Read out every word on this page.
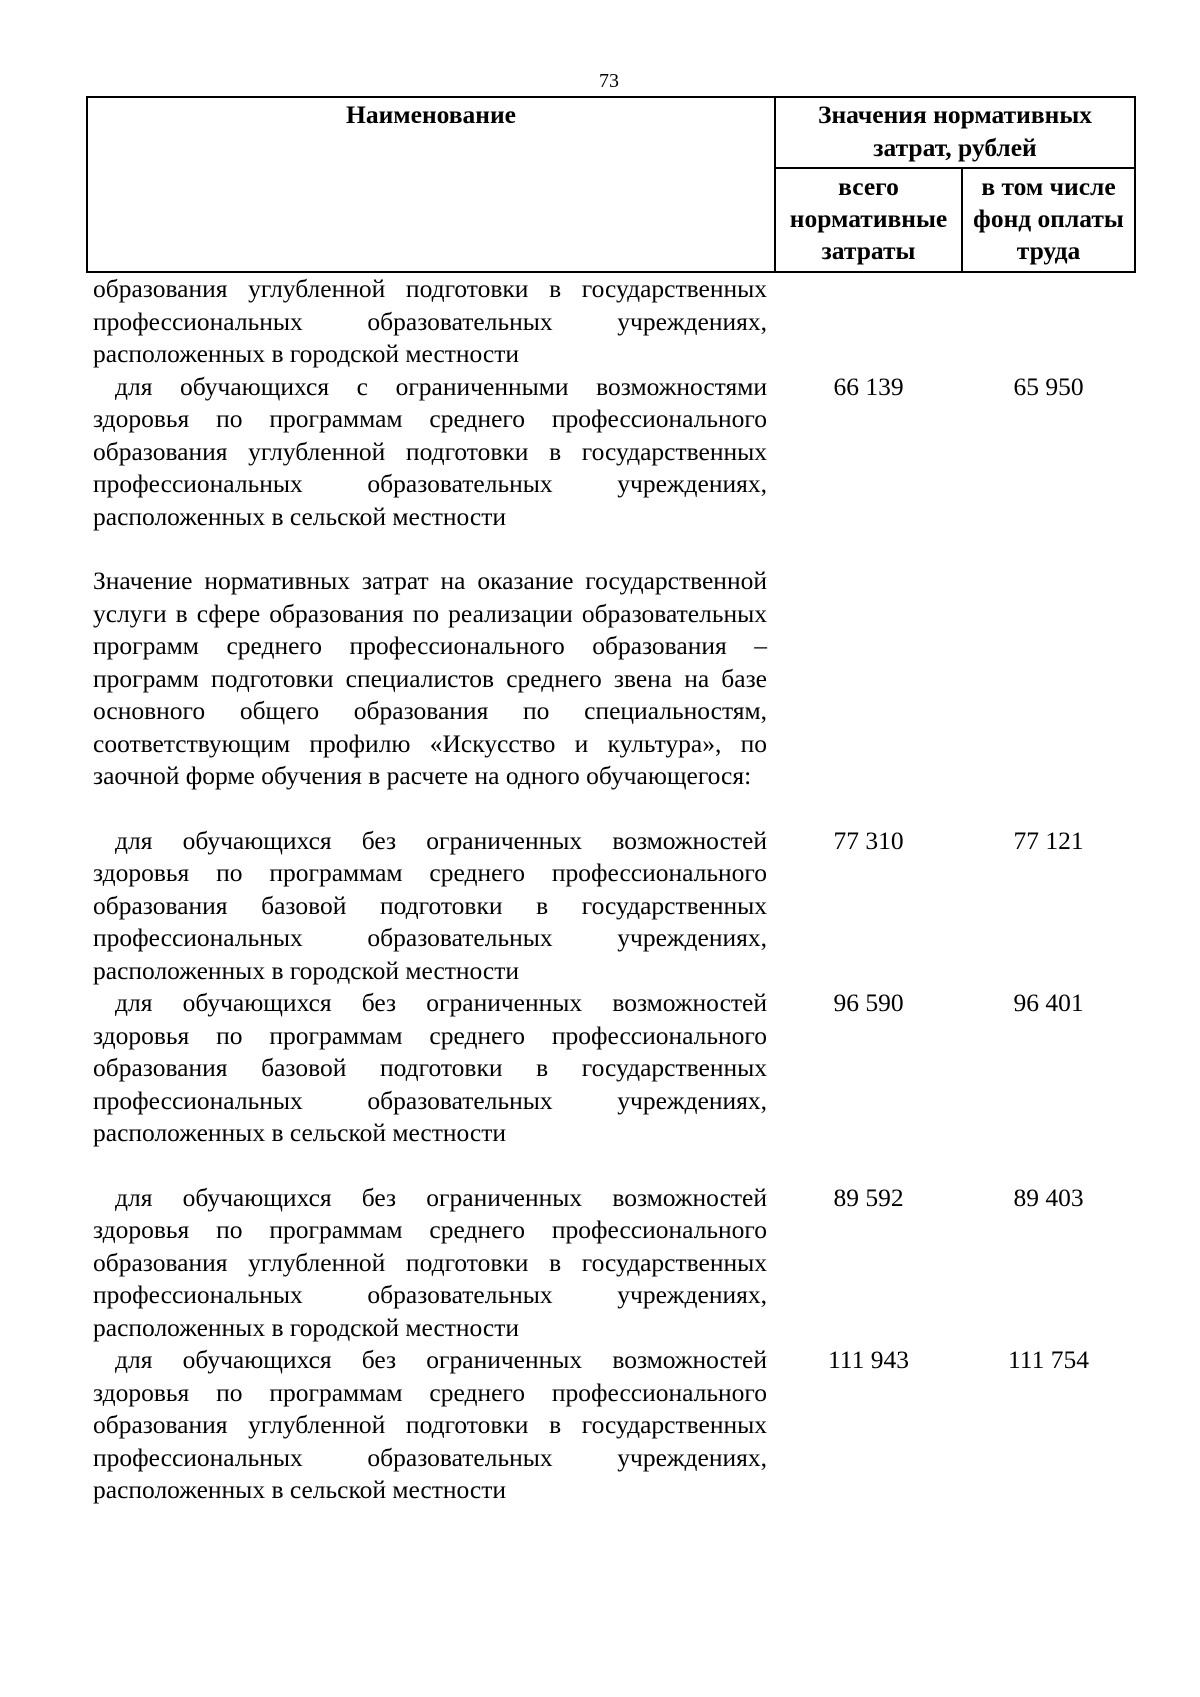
73
Наименование	Значения нормативных затрат, рублей	
	всего нормативные затраты	в том числе фонд оплаты труда
образования углубленной подготовки в государственных профессиональных образовательных учреждениях, расположенных в городской местности		
для обучающихся с ограниченными возможностями здоровья по программам среднего профессионального образования углубленной подготовки в государственных профессиональных образовательных учреждениях, расположенных в сельской местности	66 139	65 950

Значение нормативных затрат на оказание государственной услуги в сфере образования по реализации образовательных программ среднего профессионального образования – программ подготовки специалистов среднего звена на базе основного общего образования по специальностям, соответствующим профилю «Искусство и культура», по заочной форме обучения в расчете на одного обучающегося:		

для обучающихся без ограниченных возможностей здоровья по программам среднего профессионального образования базовой подготовки в государственных профессиональных образовательных учреждениях, расположенных в городской местности	77 310	77 121
для обучающихся без ограниченных возможностей здоровья по программам среднего профессионального образования базовой подготовки в государственных профессиональных образовательных учреждениях, расположенных в сельской местности	96 590	96 401

для обучающихся без ограниченных возможностей здоровья по программам среднего профессионального образования углубленной подготовки в государственных профессиональных образовательных учреждениях, расположенных в городской местности	89 592	89 403
для обучающихся без ограниченных возможностей здоровья по программам среднего профессионального образования углубленной подготовки в государственных профессиональных образовательных учреждениях, расположенных в сельской местности	111 943	111 754
